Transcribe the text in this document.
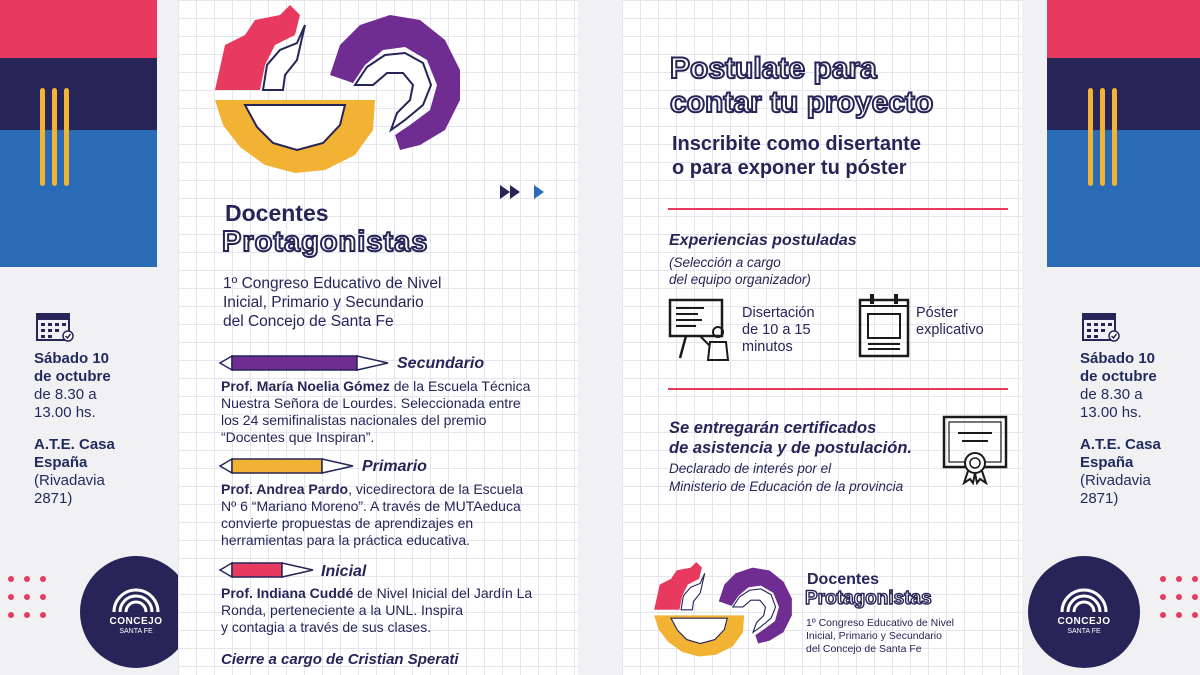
Sábado 10
de octubre
de 8.30 a
13.00 hs.
A.T.E. Casa
España
(Rivadavia
2871)
CONCEJO
SANTA FE
Sábado 10
de octubre
de 8.30 a
13.00 hs.
A.T.E. Casa
España
(Rivadavia
2871)
CONCEJO
SANTA FE
Docentes
Protagonistas
1º Congreso Educativo de Nivel
Inicial, Primario y Secundario
del Concejo de Santa Fe
Secundario
Prof. María Noelia Gómez de la Escuela Técnica
Nuestra Señora de Lourdes. Seleccionada entre
los 24 semifinalistas nacionales del premio
“Docentes que Inspiran”.
Primario
Prof. Andrea Pardo, vicedirectora de la Escuela
Nº 6 “Mariano Moreno”. A través de MUTAeduca
convierte propuestas de aprendizajes en
herramientas para la práctica educativa.
Inicial
Prof. Indiana Cuddé de Nivel Inicial del Jardín La
Ronda, perteneciente a la UNL. Inspira
y contagia a través de sus clases.
Cierre a cargo de Cristian Sperati
Postulate para
contar tu proyecto
Inscribite como disertante
o para exponer tu póster
Experiencias postuladas
(Selección a cargo
del equipo organizador)
Disertación
de 10 a 15
minutos
Póster
explicativo
Se entregarán certificados
de asistencia y de postulación.
Declarado de interés por el
Ministerio de Educación de la provincia
Docentes
Protagonistas
1º Congreso Educativo de Nivel
Inicial, Primario y Secundario
del Concejo de Santa Fe
